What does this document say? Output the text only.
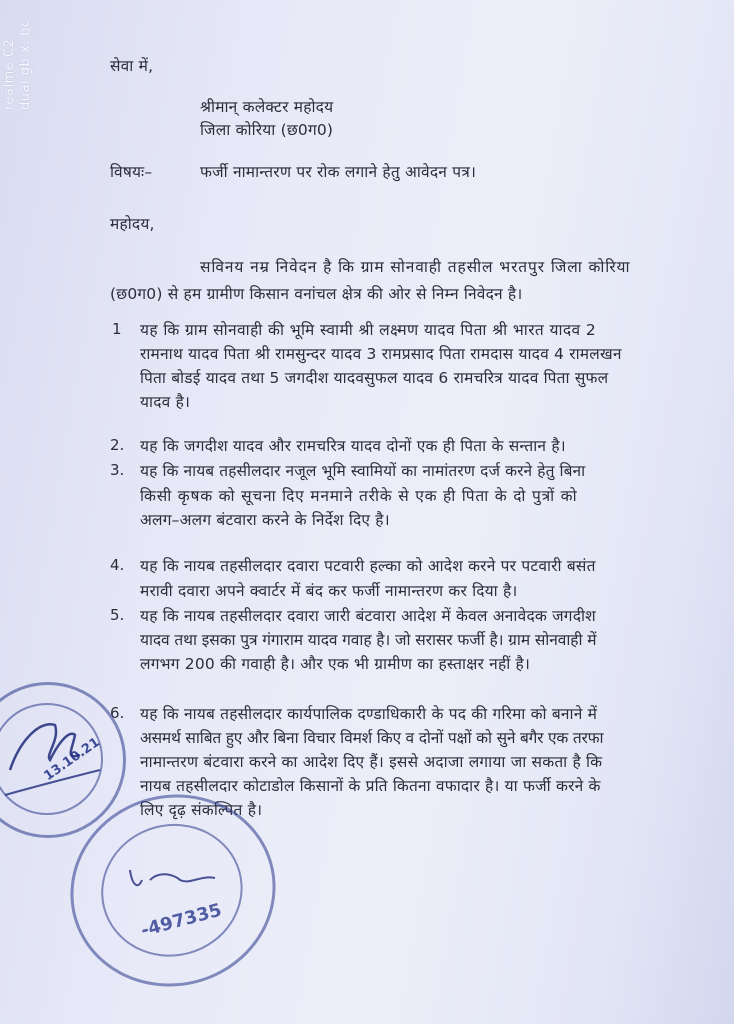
realme C2
dual gb x. bc	सेवा में,
श्रीमान् कलेक्टर महोदय
जिला कोरिया (छ0ग0)
विषयः–	फर्जी नामान्तरण पर रोक लगाने हेतु आवेदन पत्र।
महोदय,
सविनय नम्र निवेदन है कि ग्राम सोनवाही तहसील भरतपुर जिला कोरिया
(छ0ग0) से हम ग्रामीण किसान वनांचल क्षेत्र की ओर से निम्न निवेदन है।
1 यह कि ग्राम सोनवाही की भूमि स्वामी श्री लक्ष्मण यादव पिता श्री भारत यादव 2
रामनाथ यादव पिता श्री रामसुन्दर यादव 3 रामप्रसाद पिता रामदास यादव 4 रामलखन
पिता बोडई यादव तथा 5 जगदीश यादवसुफल यादव 6 रामचरित्र यादव पिता सुफल
यादव है।
2. यह कि जगदीश यादव और रामचरित्र यादव दोनों एक ही पिता के सन्तान है।
3. यह कि नायब तहसीलदार नजूल भूमि स्वामियों का नामांतरण दर्ज करने हेतु बिना
किसी कृषक को सूचना दिए मनमाने तरीके से एक ही पिता के दो पुत्रों को
अलग–अलग बंटवारा करने के निर्देश दिए है।
4. यह कि नायब तहसीलदार दवारा पटवारी हल्का को आदेश करने पर पटवारी बसंत
मरावी दवारा अपने क्वार्टर में बंद कर फर्जी नामान्तरण कर दिया है।
5. यह कि नायब तहसीलदार दवारा जारी बंटवारा आदेश में केवल अनावेदक जगदीश
यादव तथा इसका पुत्र गंगाराम यादव गवाह है। जो सरासर फर्जी है। ग्राम सोनवाही में
लगभग 200 की गवाही है। और एक भी ग्रामीण का हस्ताक्षर नहीं है।
6. यह कि नायब तहसीलदार कार्यपालिक दण्डाधिकारी के पद की गरिमा को बनाने में
असमर्थ साबित हुए और बिना विचार विमर्श किए व दोनों पक्षों को सुने बगैर एक तरफा
नामान्तरण बंटवारा करने का आदेश दिए हैं। इससे अदाजा लगाया जा सकता है कि
नायब तहसीलदार कोटाडोल किसानों के प्रति कितना वफादार है। या फर्जी करने के
लिए दृढ़ संकल्पित है।
13.10.21
-497335
